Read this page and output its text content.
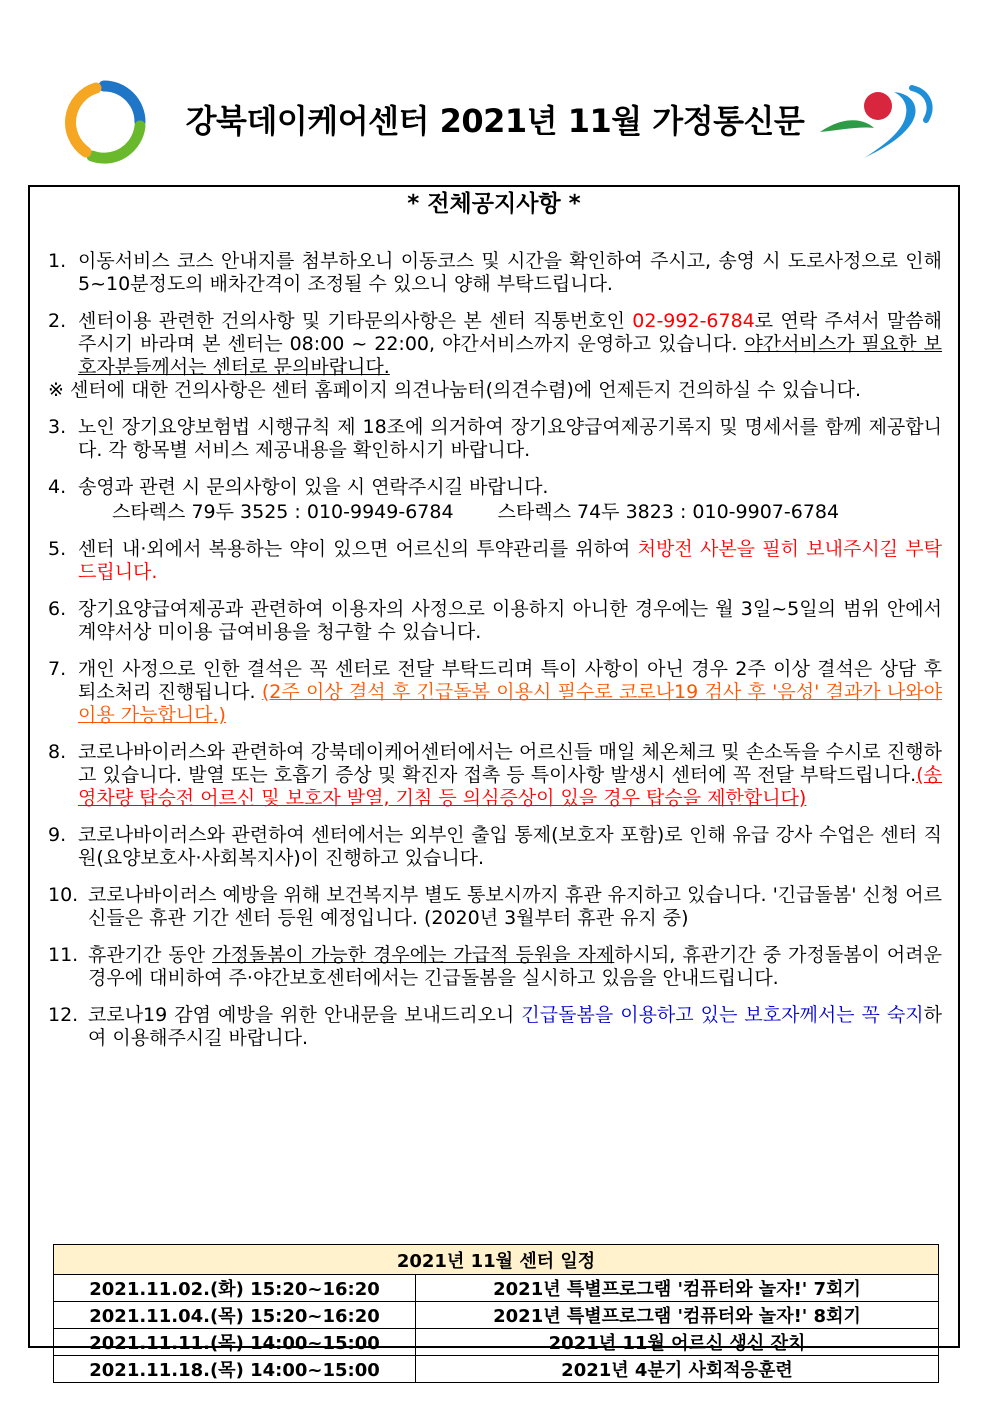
강북데이케어센터 2021년 11월 가정통신문
* 전체공지사항 *
1. 이동서비스 코스 안내지를 첨부하오니 이동코스 및 시간을 확인하여 주시고, 송영 시 도로사정으로 인해 5~10분정도의 배차간격이 조정될 수 있으니 양해 부탁드립니다.
2. 센터이용 관련한 건의사항 및 기타문의사항은 본 센터 직통번호인 02-992-6784로 연락 주셔서 말씀해주시기 바라며 본 센터는 08:00 ~ 22:00, 야간서비스까지 운영하고 있습니다. 야간서비스가 필요한 보호자분들께서는 센터로 문의바랍니다.
※ 센터에 대한 건의사항은 센터 홈페이지 의견나눔터(의견수렴)에 언제든지 건의하실 수 있습니다.
3. 노인 장기요양보험법 시행규칙 제 18조에 의거하여 장기요양급여제공기록지 및 명세서를 함께 제공합니다. 각 항목별 서비스 제공내용을 확인하시기 바랍니다.
4. 송영과 관련 시 문의사항이 있을 시 연락주시길 바랍니다.
스타렉스 79두 3525 : 010-9949-6784 스타렉스 74두 3823 : 010-9907-6784
5. 센터 내·외에서 복용하는 약이 있으면 어르신의 투약관리를 위하여 처방전 사본을 필히 보내주시길 부탁드립니다.
6. 장기요양급여제공과 관련하여 이용자의 사정으로 이용하지 아니한 경우에는 월 3일~5일의 범위 안에서 계약서상 미이용 급여비용을 청구할 수 있습니다.
7. 개인 사정으로 인한 결석은 꼭 센터로 전달 부탁드리며 특이 사항이 아닌 경우 2주 이상 결석은 상담 후 퇴소처리 진행됩니다. (2주 이상 결석 후 긴급돌봄 이용시 필수로 코로나19 검사 후 '음성' 결과가 나와야 이용 가능합니다.)
8. 코로나바이러스와 관련하여 강북데이케어센터에서는 어르신들 매일 체온체크 및 손소독을 수시로 진행하고 있습니다. 발열 또는 호흡기 증상 및 확진자 접촉 등 특이사항 발생시 센터에 꼭 전달 부탁드립니다.(송영차량 탑승전 어르신 및 보호자 발열, 기침 등 의심증상이 있을 경우 탑승을 제한합니다)
9. 코로나바이러스와 관련하여 센터에서는 외부인 출입 통제(보호자 포함)로 인해 유급 강사 수업은 센터 직원(요양보호사·사회복지사)이 진행하고 있습니다.
10. 코로나바이러스 예방을 위해 보건복지부 별도 통보시까지 휴관 유지하고 있습니다. '긴급돌봄' 신청 어르신들은 휴관 기간 센터 등원 예정입니다. (2020년 3월부터 휴관 유지 중)
11. 휴관기간 동안 가정돌봄이 가능한 경우에는 가급적 등원을 자제하시되, 휴관기간 중 가정돌봄이 어려운 경우에 대비하여 주·야간보호센터에서는 긴급돌봄을 실시하고 있음을 안내드립니다.
12. 코로나19 감염 예방을 위한 안내문을 보내드리오니 긴급돌봄을 이용하고 있는 보호자께서는 꼭 숙지하여 이용해주시길 바랍니다.
2021년 11월 센터 일정	
2021.11.02.(화) 15:20~16:20	2021년 특별프로그램 '컴퓨터와 놀자!' 7회기
2021.11.04.(목) 15:20~16:20	2021년 특별프로그램 '컴퓨터와 놀자!' 8회기
2021.11.11.(목) 14:00~15:00	2021년 11월 어르신 생신 잔치
2021.11.18.(목) 14:00~15:00	2021년 4분기 사회적응훈련
